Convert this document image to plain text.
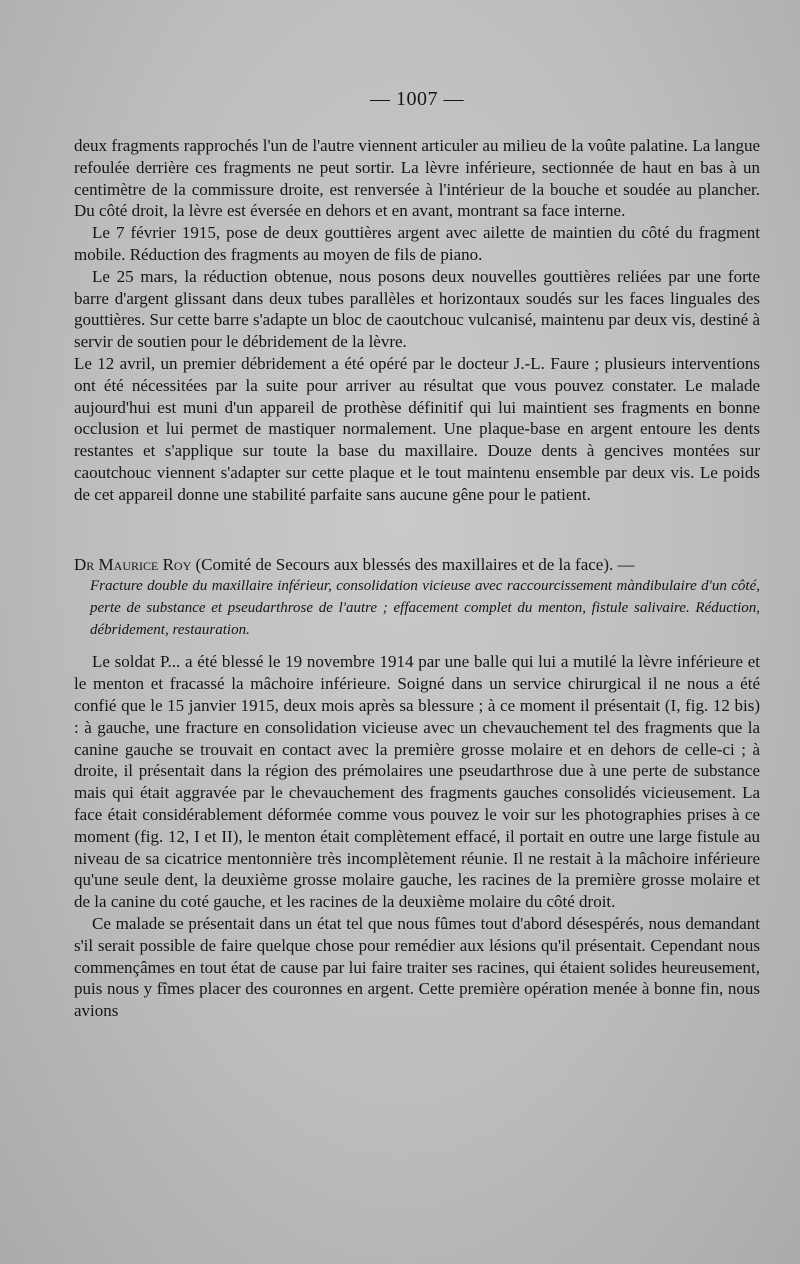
— 1007 —

deux fragments rapprochés l'un de l'autre viennent articuler au milieu de la voûte palatine. La langue refoulée derrière ces fragments ne peut sortir. La lèvre inférieure, sectionnée de haut en bas à un centimètre de la commissure droite, est renversée à l'intérieur de la bouche et soudée au plancher. Du côté droit, la lèvre est éversée en dehors et en avant, montrant sa face interne.

Le 7 février 1915, pose de deux gouttières argent avec ailette de maintien du côté du fragment mobile. Réduction des fragments au moyen de fils de piano.

Le 25 mars, la réduction obtenue, nous posons deux nouvelles gouttières reliées par une forte barre d'argent glissant dans deux tubes parallèles et horizontaux soudés sur les faces linguales des gouttières. Sur cette barre s'adapte un bloc de caoutchouc vulcanisé, maintenu par deux vis, destiné à servir de soutien pour le débridement de la lèvre.

Le 12 avril, un premier débridement a été opéré par le docteur J.-L. Faure ; plusieurs interventions ont été nécessitées par la suite pour arriver au résultat que vous pouvez constater. Le malade aujourd'hui est muni d'un appareil de prothèse définitif qui lui maintient ses fragments en bonne occlusion et lui permet de mastiquer normalement. Une plaque-base en argent entoure les dents restantes et s'applique sur toute la base du maxillaire. Douze dents à gencives montées sur caoutchouc viennent s'adapter sur cette plaque et le tout maintenu ensemble par deux vis. Le poids de cet appareil donne une stabilité parfaite sans aucune gêne pour le patient.

Dr Maurice Roy (Comité de Secours aux blessés des maxillaires et de la face). —
Fracture double du maxillaire inférieur, consolidation vicieuse avec raccourcissement màndibulaire d'un côté, perte de substance et pseudarthrose de l'autre ; effacement complet du menton, fistule salivaire. Réduction, débridement, restauration.

Le soldat P... a été blessé le 19 novembre 1914 par une balle qui lui a mutilé la lèvre inférieure et le menton et fracassé la mâchoire inférieure. Soigné dans un service chirurgical il ne nous a été confié que le 15 janvier 1915, deux mois après sa blessure ; à ce moment il présentait (I, fig. 12 bis) : à gauche, une fracture en consolidation vicieuse avec un chevauchement tel des fragments que la canine gauche se trouvait en contact avec la première grosse molaire et en dehors de celle-ci ; à droite, il présentait dans la région des prémolaires une pseudarthrose due à une perte de substance mais qui était aggravée par le chevauchement des fragments gauches consolidés vicieusement. La face était considérablement déformée comme vous pouvez le voir sur les photographies prises à ce moment (fig. 12, I et II), le menton était complètement effacé, il portait en outre une large fistule au niveau de sa cicatrice mentonnière très incomplètement réunie. Il ne restait à la mâchoire inférieure qu'une seule dent, la deuxième grosse molaire gauche, les racines de la première grosse molaire et de la canine du coté gauche, et les racines de la deuxième molaire du côté droit.

Ce malade se présentait dans un état tel que nous fûmes tout d'abord désespérés, nous demandant s'il serait possible de faire quelque chose pour remédier aux lésions qu'il présentait. Cependant nous commençâmes en tout état de cause par lui faire traiter ses racines, qui étaient solides heureusement, puis nous y fîmes placer des couronnes en argent. Cette première opération menée à bonne fin, nous avions
